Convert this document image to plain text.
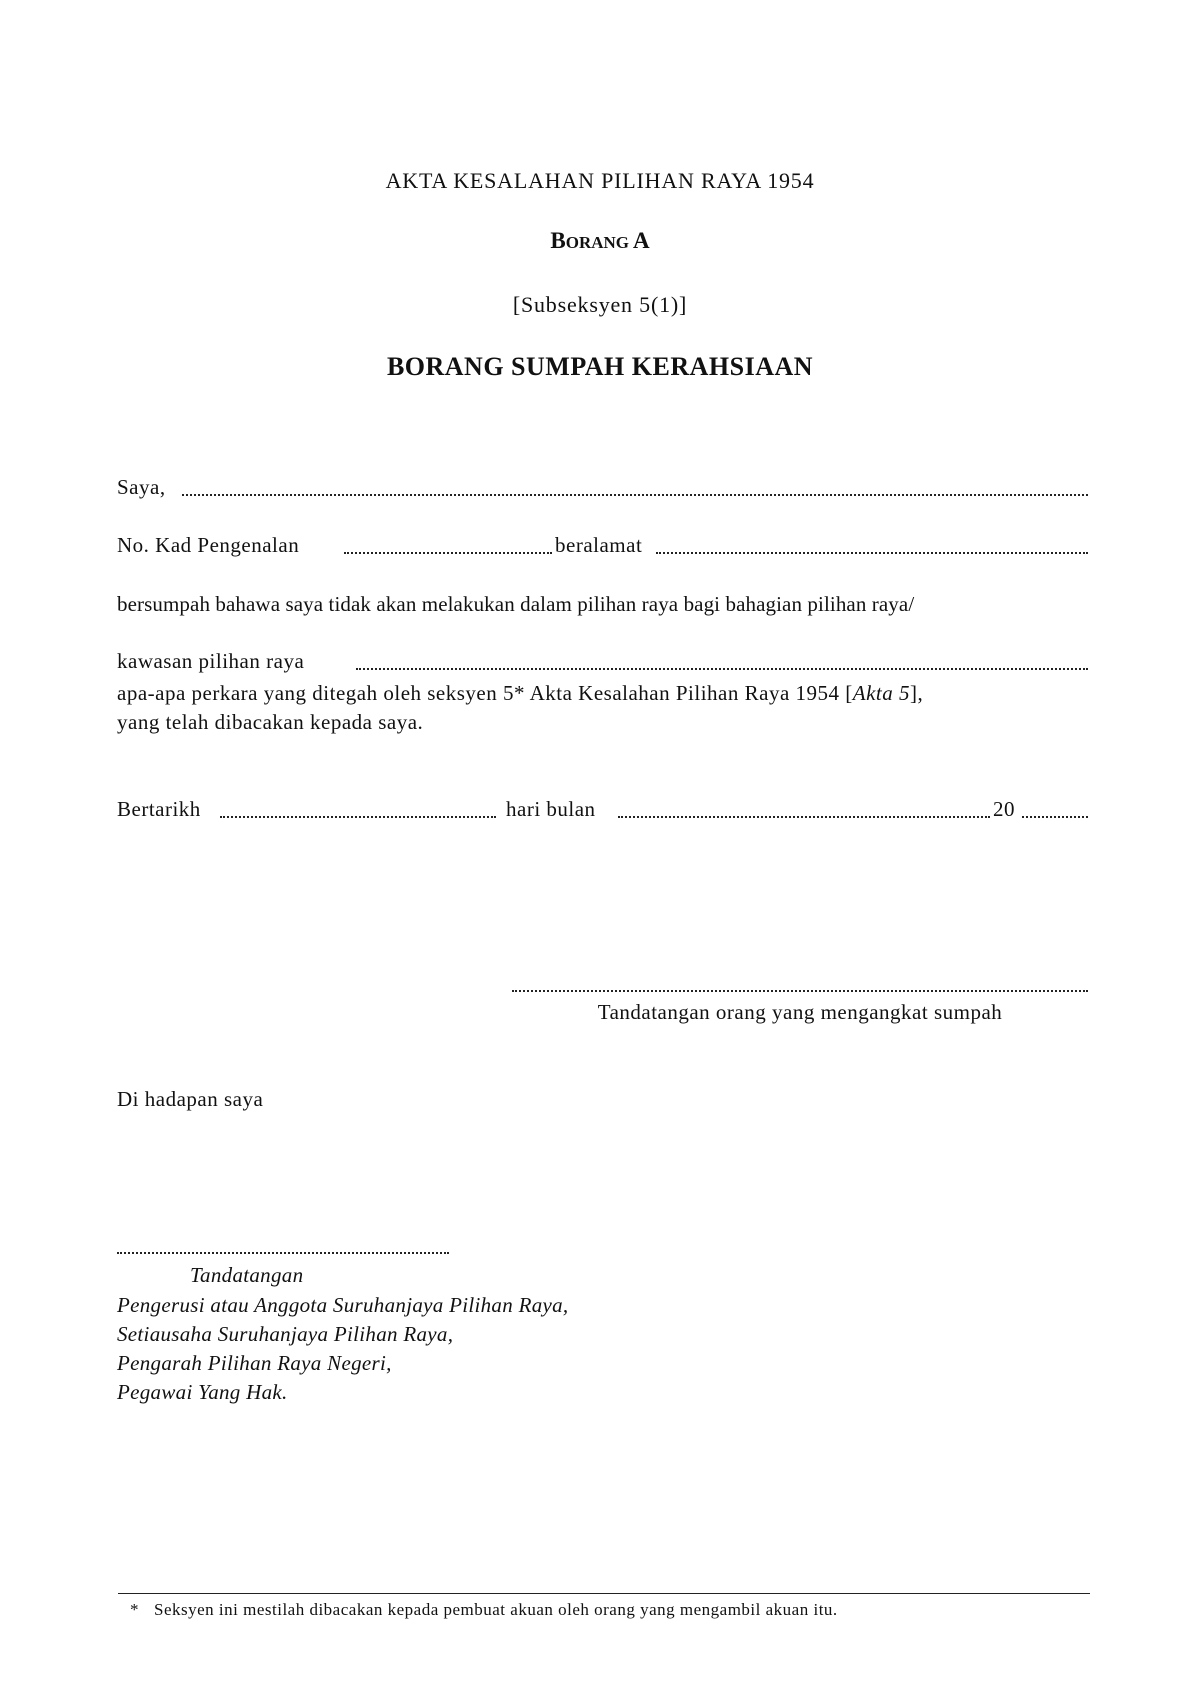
AKTA KESALAHAN PILIHAN RAYA 1954
BORANG A
[Subseksyen 5(1)]
BORANG SUMPAH KERAHSIAAN
Saya,
No. Kad Pengenalan	beralamat
bersumpah bahawa saya tidak akan melakukan dalam pilihan raya bagi bahagian pilihan raya/
kawasan pilihan raya
apa-apa perkara yang ditegah oleh seksyen 5* Akta Kesalahan Pilihan Raya 1954 [Akta 5],
yang telah dibacakan kepada saya.
Bertarikh	hari bulan	20
Tandatangan orang yang mengangkat sumpah
Di hadapan saya
Tandatangan
Pengerusi atau Anggota Suruhanjaya Pilihan Raya,
Setiausaha Suruhanjaya Pilihan Raya,
Pengarah Pilihan Raya Negeri,
Pegawai Yang Hak.
* Seksyen ini mestilah dibacakan kepada pembuat akuan oleh orang yang mengambil akuan itu.
